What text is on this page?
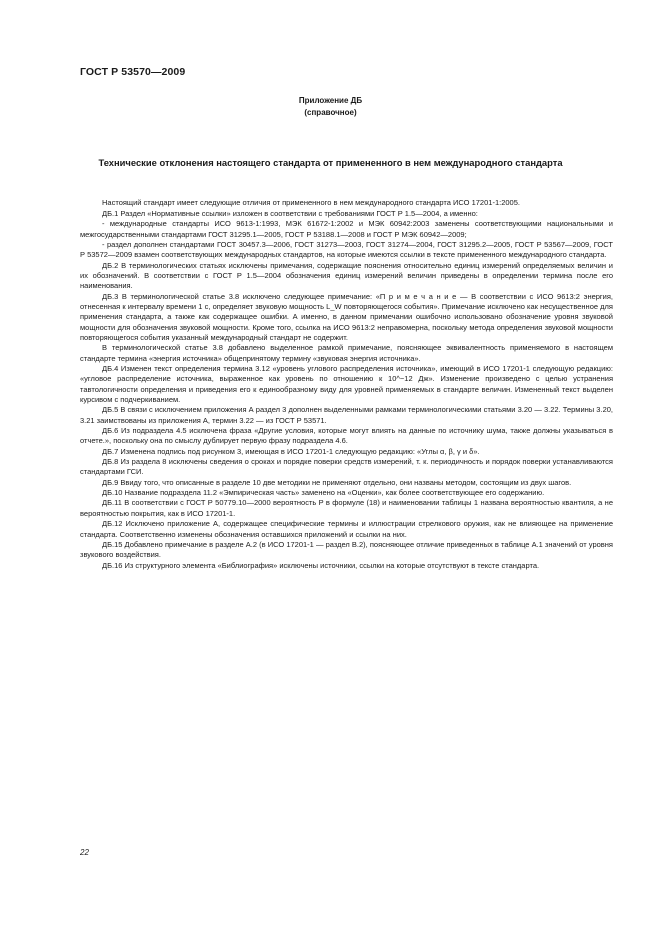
ГОСТ Р 53570—2009
Приложение ДБ
(справочное)
Технические отклонения настоящего стандарта от примененного в нем международного стандарта

Настоящий стандарт имеет следующие отличия от примененного в нем международного стандарта ИСО 17201-1:2005.

ДБ.1 Раздел «Нормативные ссылки» изложен в соответствии с требованиями ГОСТ Р 1.5—2004, а именно:

- международные стандарты ИСО 9613-1:1993, МЭК 61672-1:2002 и МЭК 60942:2003 заменены соответствующими национальными и межгосударственными стандартами ГОСТ 31295.1—2005, ГОСТ Р 53188.1—2008 и ГОСТ Р МЭК 60942—2009;

- раздел дополнен стандартами ГОСТ 30457.3—2006, ГОСТ 31273—2003, ГОСТ 31274—2004, ГОСТ 31295.2—2005, ГОСТ Р 53567—2009, ГОСТ Р 53572—2009 взамен соответствующих международных стандартов, на которые имеются ссылки в тексте примененного международного стандарта.

ДБ.2 В терминологических статьях исключены примечания, содержащие пояснения относительно единиц измерений определяемых величин и их обозначений. В соответствии с ГОСТ Р 1.5—2004 обозначения единиц измерений величин приведены в определении термина после его наименования.

ДБ.3 В терминологической статье 3.8 исключено следующее примечание: «П р и м е ч а н и е — В соответствии с ИСО 9613:2 энергия, отнесенная к интервалу времени 1 с, определяет звуковую мощность L_W повторяющегося события». Примечание исключено как несущественное для применения стандарта, а также как содержащее ошибки. А именно, в данном примечании ошибочно использовано обозначение уровня звуковой мощности для обозначения звуковой мощности. Кроме того, ссылка на ИСО 9613:2 неправомерна, поскольку метода определения звуковой мощности повторяющегося события указанный международный стандарт не содержит.

В терминологической статье 3.8 добавлено выделенное рамкой примечание, поясняющее эквивалентность применяемого в настоящем стандарте термина «энергия источника» общепринятому термину «звуковая энергия источника».

ДБ.4 Изменен текст определения термина 3.12 «уровень углового распределения источника», имеющий в ИСО 17201-1 следующую редакцию: «угловое распределение источника, выраженное как уровень по отношению к 10^−12 Дж». Изменение произведено с целью устранения тавтологичности определения и приведения его к единообразному виду для уровней применяемых в стандарте величин. Измененный текст выделен курсивом с подчеркиванием.

ДБ.5 В связи с исключением приложения А раздел 3 дополнен выделенными рамками терминологическими статьями 3.20 — 3.22. Термины 3.20, 3.21 заимствованы из приложения А, термин 3.22 — из ГОСТ Р 53571.

ДБ.6 Из подраздела 4.5 исключена фраза «Другие условия, которые могут влиять на данные по источнику шума, также должны указываться в отчете.», поскольку она по смыслу дублирует первую фразу подраздела 4.6.

ДБ.7 Изменена подпись под рисунком 3, имеющая в ИСО 17201-1 следующую редакцию: «Углы α, β, γ и δ».

ДБ.8 Из раздела 8 исключены сведения о сроках и порядке поверки средств измерений, т. к. периодичность и порядок поверки устанавливаются стандартами ГСИ.

ДБ.9 Ввиду того, что описанные в разделе 10 две методики не применяют отдельно, они названы методом, состоящим из двух шагов.

ДБ.10 Название подраздела 11.2 «Эмпирическая часть» заменено на «Оценки», как более соответствующее его содержанию.

ДБ.11 В соответствии с ГОСТ Р 50779.10—2000 вероятность P в формуле (18) и наименовании таблицы 1 названа вероятностью квантиля, а не вероятностью покрытия, как в ИСО 17201-1.

ДБ.12 Исключено приложение А, содержащее специфические термины и иллюстрации стрелкового оружия, как не влияющее на применение стандарта. Соответственно изменены обозначения оставшихся приложений и ссылки на них.

ДБ.15 Добавлено примечание в разделе А.2 (в ИСО 17201-1 — раздел В.2), поясняющее отличие приведенных в таблице А.1 значений от уровня звукового воздействия.

ДБ.16 Из структурного элемента «Библиография» исключены источники, ссылки на которые отсутствуют в тексте стандарта.

22
